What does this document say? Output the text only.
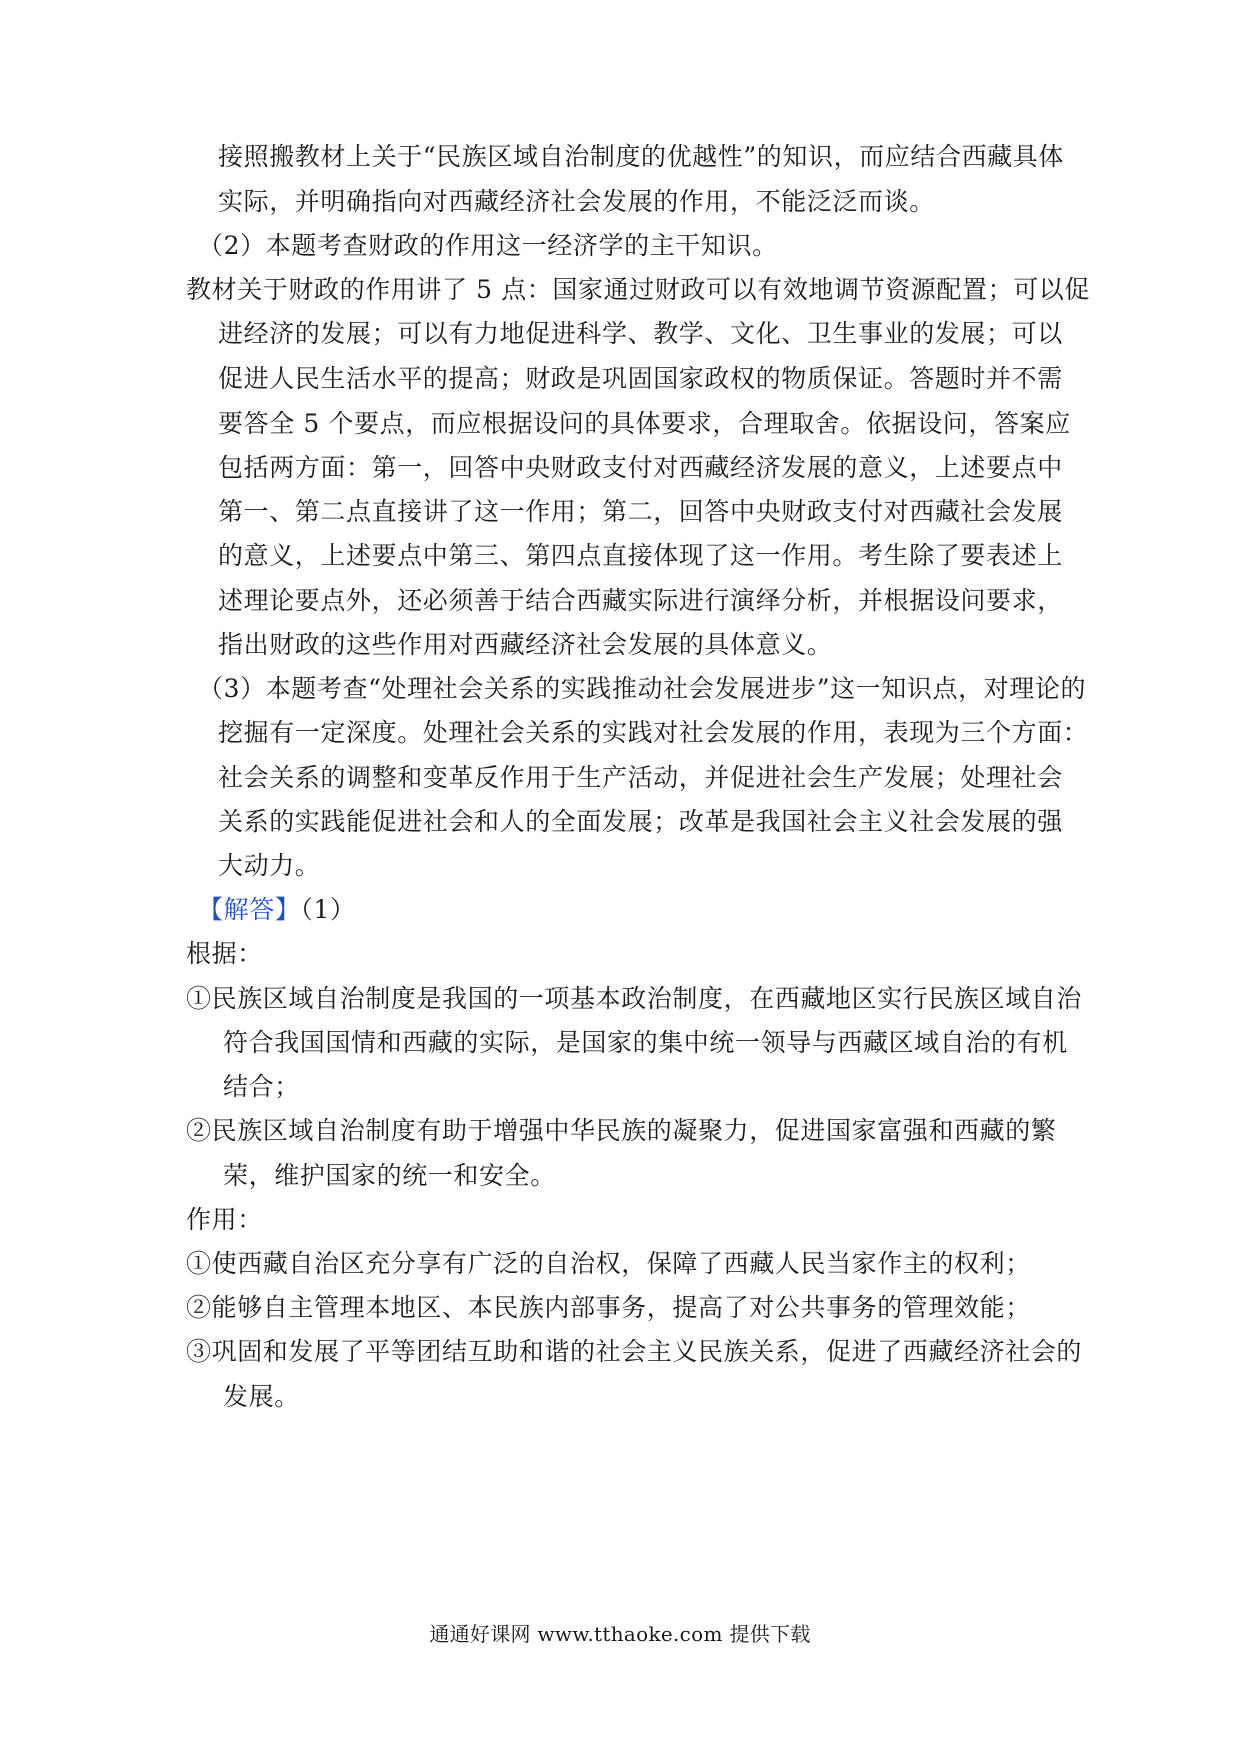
接照搬教材上关于“民族区域自治制度的优越性”的知识，而应结合西藏具体
实际，并明确指向对西藏经济社会发展的作用，不能泛泛而谈。
（2）本题考查财政的作用这一经济学的主干知识。
教材关于财政的作用讲了 5 点：国家通过财政可以有效地调节资源配置；可以促
进经济的发展；可以有力地促进科学、教学、文化、卫生事业的发展；可以
促进人民生活水平的提高；财政是巩固国家政权的物质保证。答题时并不需
要答全 5 个要点，而应根据设问的具体要求，合理取舍。依据设问，答案应
包括两方面：第一，回答中央财政支付对西藏经济发展的意义，上述要点中
第一、第二点直接讲了这一作用；第二，回答中央财政支付对西藏社会发展
的意义，上述要点中第三、第四点直接体现了这一作用。考生除了要表述上
述理论要点外，还必须善于结合西藏实际进行演绎分析，并根据设问要求，
指出财政的这些作用对西藏经济社会发展的具体意义。
（3）本题考查“处理社会关系的实践推动社会发展进步”这一知识点，对理论的
挖掘有一定深度。处理社会关系的实践对社会发展的作用，表现为三个方面：
社会关系的调整和变革反作用于生产活动，并促进社会生产发展；处理社会
关系的实践能促进社会和人的全面发展；改革是我国社会主义社会发展的强
大动力。
【解答】（1）
根据：
①民族区域自治制度是我国的一项基本政治制度，在西藏地区实行民族区域自治
符合我国国情和西藏的实际，是国家的集中统一领导与西藏区域自治的有机
结合；
②民族区域自治制度有助于增强中华民族的凝聚力，促进国家富强和西藏的繁
荣，维护国家的统一和安全。
作用：
①使西藏自治区充分享有广泛的自治权，保障了西藏人民当家作主的权利；
②能够自主管理本地区、本民族内部事务，提高了对公共事务的管理效能；
③巩固和发展了平等团结互助和谐的社会主义民族关系，促进了西藏经济社会的
发展。
通通好课网 www.tthaoke.com 提供下载
